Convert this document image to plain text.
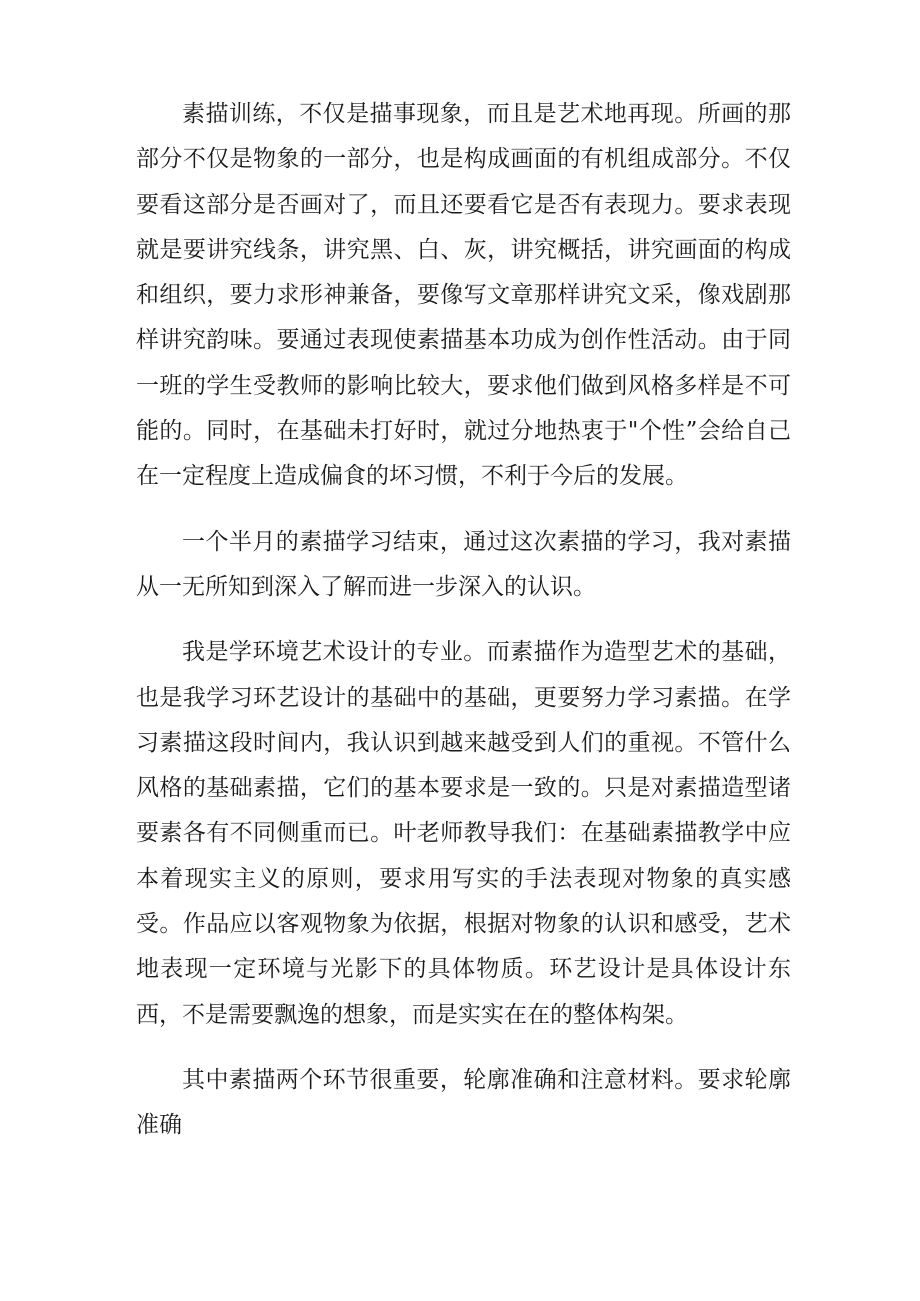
素描训练，不仅是描事现象，而且是艺术地再现。所画的那部分不仅是物象的一部分，也是构成画面的有机组成部分。不仅要看这部分是否画对了，而且还要看它是否有表现力。要求表现就是要讲究线条，讲究黑、白、灰，讲究概括，讲究画面的构成和组织，要力求形神兼备，要像写文章那样讲究文采，像戏剧那样讲究韵味。要通过表现使素描基本功成为创作性活动。由于同一班的学生受教师的影响比较大，要求他们做到风格多样是不可能的。同时，在基础未打好时，就过分地热衷于"个性”会给自己在一定程度上造成偏食的坏习惯，不利于今后的发展。

一个半月的素描学习结束，通过这次素描的学习，我对素描从一无所知到深入了解而进一步深入的认识。

我是学环境艺术设计的专业。而素描作为造型艺术的基础，也是我学习环艺设计的基础中的基础，更要努力学习素描。在学习素描这段时间内，我认识到越来越受到人们的重视。不管什么风格的基础素描，它们的基本要求是一致的。只是对素描造型诸要素各有不同侧重而已。叶老师教导我们：在基础素描教学中应本着现实主义的原则，要求用写实的手法表现对物象的真实感受。作品应以客观物象为依据，根据对物象的认识和感受，艺术地表现一定环境与光影下的具体物质。环艺设计是具体设计东西，不是需要飘逸的想象，而是实实在在的整体构架。

其中素描两个环节很重要，轮廓准确和注意材料。要求轮廓准确
